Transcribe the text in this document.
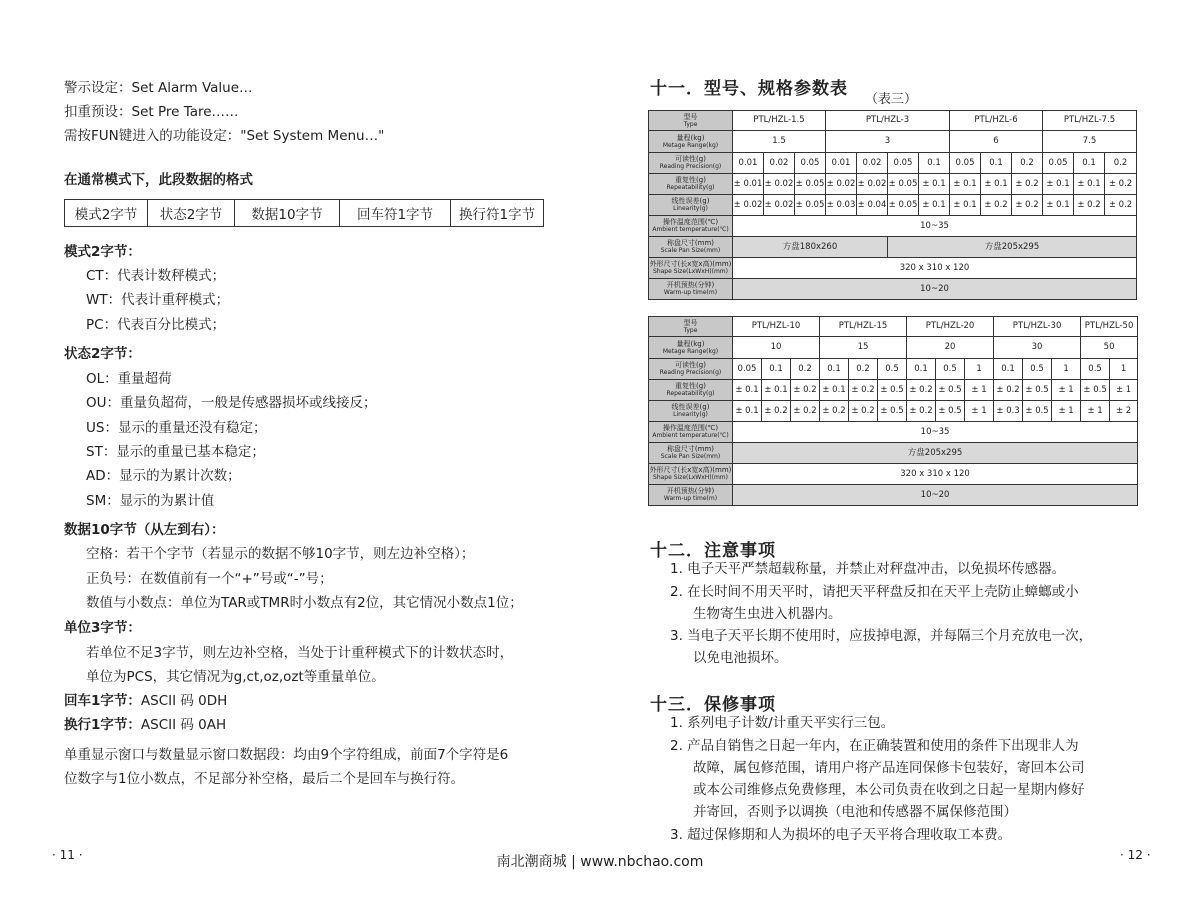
警示设定：Set Alarm Value…
扣重预设：Set Pre Tare……
需按FUN键进入的功能设定："Set System Menu…"
在通常模式下，此段数据的格式
模式2字节	状态2字节	数据10字节	回车符1字节	换行符1字节
模式2字节：
CT：代表计数秤模式；
WT：代表计重秤模式；
PC：代表百分比模式；
状态2字节：
OL：重量超荷
OU：重量负超荷，一般是传感器损坏或线接反；
US：显示的重量还没有稳定；
ST：显示的重量已基本稳定；
AD：显示的为累计次数；
SM：显示的为累计值
数据10字节（从左到右）：
空格：若干个字节（若显示的数据不够10字节，则左边补空格）；
正负号：在数值前有一个“+”号或“-”号；
数值与小数点：单位为TAR或TMR时小数点有2位，其它情况小数点1位；
单位3字节：
若单位不足3字节，则左边补空格，当处于计重秤模式下的计数状态时，
单位为PCS，其它情况为g,ct,oz,ozt等重量单位。
回车1字节：ASCII 码 0DH
换行1字节：ASCII 码 0AH
单重显示窗口与数量显示窗口数据段：均由9个字符组成，前面7个字符是6
位数字与1位小数点，不足部分补空格，最后二个是回车与换行符。
· 11 ·
十一．型号、规格参数表
（表三）
型号
Type	PTL/HZL-1.5			PTL/HZL-3				PTL/HZL-6			PTL/HZL-7.5		

量程(kg)
Metage Range(kg)	1.5			3				6			7.5		

可读性(g)
Reading Precision(g)	0.01	0.02	0.05	0.01	0.02	0.05	0.1	0.05	0.1	0.2	0.05	0.1	0.2

重复性(g)
Repeatability(g)	± 0.01	± 0.02	± 0.05	± 0.02	± 0.02	± 0.05	± 0.1	± 0.1	± 0.1	± 0.2	± 0.1	± 0.1	± 0.2

线性误差(g)
Linearity(g)	± 0.02	± 0.02	± 0.05	± 0.03	± 0.04	± 0.05	± 0.1	± 0.1	± 0.2	± 0.2	± 0.1	± 0.2	± 0.2

操作温度范围(℃)
Ambient temperature(℃)	10~35												

称盘尺寸(mm)
Scale Pan Size(mm)	方盘180x260					方盘205x295							

外形尺寸(长x宽x高)(mm)
Shape Size(LxWxH)(mm)	320 x 310 x 120												

开机预热(分钟)
Warm-up time(m)	10~20												
型号
Type	PTL/HZL-10			PTL/HZL-15			PTL/HZL-20			PTL/HZL-30			PTL/HZL-50	

量程(kg)
Metage Range(kg)	10			15			20			30			50	

可读性(g)
Reading Precision(g)	0.05	0.1	0.2	0.1	0.2	0.5	0.1	0.5	1	0.1	0.5	1	0.5	1

重复性(g)
Repeatability(g)	± 0.1	± 0.1	± 0.2	± 0.1	± 0.2	± 0.5	± 0.2	± 0.5	± 1	± 0.2	± 0.5	± 1	± 0.5	± 1

线性误差(g)
Linearity(g)	± 0.1	± 0.2	± 0.2	± 0.2	± 0.2	± 0.5	± 0.2	± 0.5	± 1	± 0.3	± 0.5	± 1	± 1	± 2

操作温度范围(℃)
Ambient temperature(℃)	10~35													

称盘尺寸(mm)
Scale Pan Size(mm)	方盘205x295													

外形尺寸(长x宽x高)(mm)
Shape Size(LxWxH)(mm)	320 x 310 x 120													

开机预热(分钟)
Warm-up time(m)	10~20													
十二．注意事项
1. 电子天平严禁超载称量，并禁止对秤盘冲击，以免损坏传感器。
2. 在长时间不用天平时，请把天平秤盘反扣在天平上壳防止蟑螂或小
生物寄生虫进入机器内。
3. 当电子天平长期不使用时，应拔掉电源，并每隔三个月充放电一次，
以免电池损坏。
十三．保修事项
1. 系列电子计数/计重天平实行三包。
2. 产品自销售之日起一年内，在正确装置和使用的条件下出现非人为
故障，属包修范围，请用户将产品连同保修卡包装好，寄回本公司
或本公司维修点免费修理，本公司负责在收到之日起一星期内修好
并寄回，否则予以调换（电池和传感器不属保修范围）
3. 超过保修期和人为损坏的电子天平将合理收取工本费。
· 12 ·
南北潮商城 | www.nbchao.com
